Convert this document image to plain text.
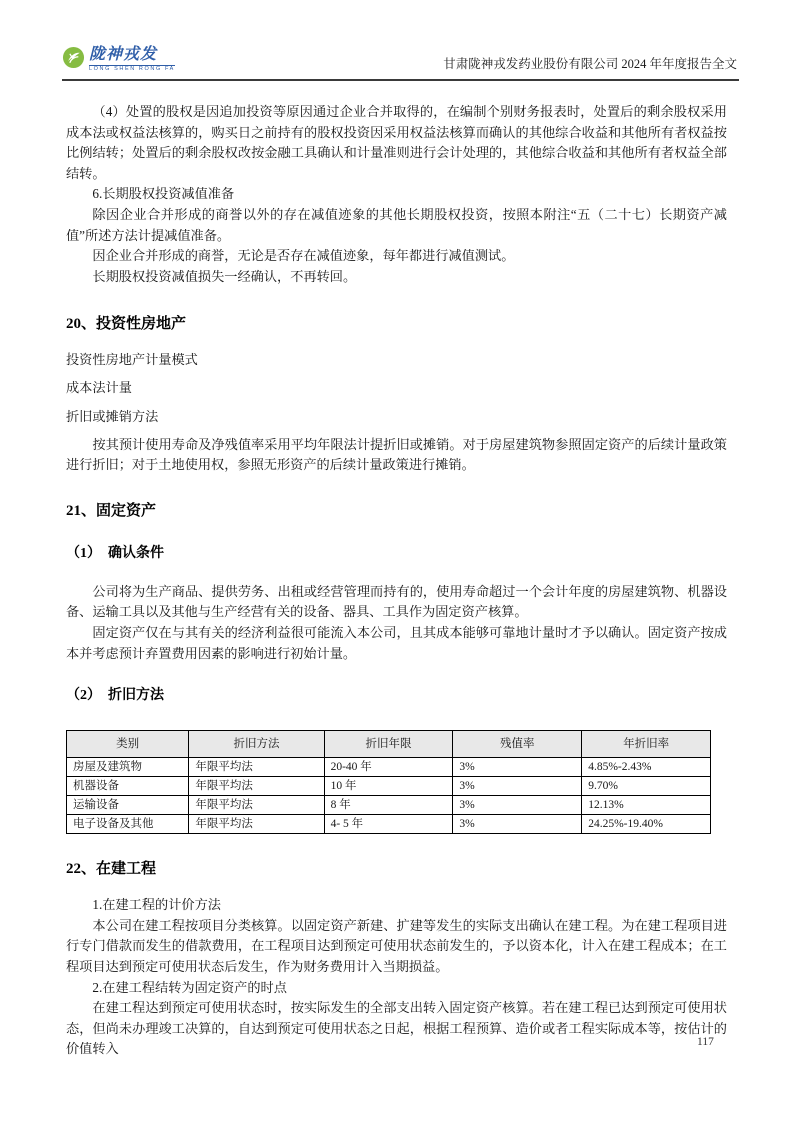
陇神戎发
LONG SHEN RONG FA	甘肃陇神戎发药业股份有限公司 2024 年年度报告全文

（4）处置的股权是因追加投资等原因通过企业合并取得的，在编制个别财务报表时，处置后的剩余股权采用成本法或权益法核算的，购买日之前持有的股权投资因采用权益法核算而确认的其他综合收益和其他所有者权益按比例结转；处置后的剩余股权改按金融工具确认和计量准则进行会计处理的，其他综合收益和其他所有者权益全部结转。

6.长期股权投资减值准备

除因企业合并形成的商誉以外的存在减值迹象的其他长期股权投资，按照本附注“五（二十七）长期资产减值”所述方法计提减值准备。

因企业合并形成的商誉，无论是否存在减值迹象，每年都进行减值测试。

长期股权投资减值损失一经确认，不再转回。

20、投资性房地产

投资性房地产计量模式

成本法计量

折旧或摊销方法

按其预计使用寿命及净残值率采用平均年限法计提折旧或摊销。对于房屋建筑物参照固定资产的后续计量政策进行折旧；对于土地使用权，参照无形资产的后续计量政策进行摊销。

21、固定资产
（1）　确认条件

公司将为生产商品、提供劳务、出租或经营管理而持有的，使用寿命超过一个会计年度的房屋建筑物、机器设备、运输工具以及其他与生产经营有关的设备、器具、工具作为固定资产核算。

固定资产仅在与其有关的经济利益很可能流入本公司，且其成本能够可靠地计量时才予以确认。固定资产按成本并考虑预计弃置费用因素的影响进行初始计量。

（2）　折旧方法
类别	折旧方法	折旧年限	残值率	年折旧率
房屋及建筑物	年限平均法	20-40 年	3%	4.85%-2.43%
机器设备	年限平均法	10 年	3%	9.70%
运输设备	年限平均法	8 年	3%	12.13%
电子设备及其他	年限平均法	4- 5 年	3%	24.25%-19.40%
22、在建工程

1.在建工程的计价方法

本公司在建工程按项目分类核算。以固定资产新建、扩建等发生的实际支出确认在建工程。为在建工程项目进行专门借款而发生的借款费用，在工程项目达到预定可使用状态前发生的，予以资本化，计入在建工程成本；在工程项目达到预定可使用状态后发生，作为财务费用计入当期损益。

2.在建工程结转为固定资产的时点

在建工程达到预定可使用状态时，按实际发生的全部支出转入固定资产核算。若在建工程已达到预定可使用状态，但尚未办理竣工决算的，自达到预定可使用状态之日起，根据工程预算、造价或者工程实际成本等，按估计的价值转入	117
